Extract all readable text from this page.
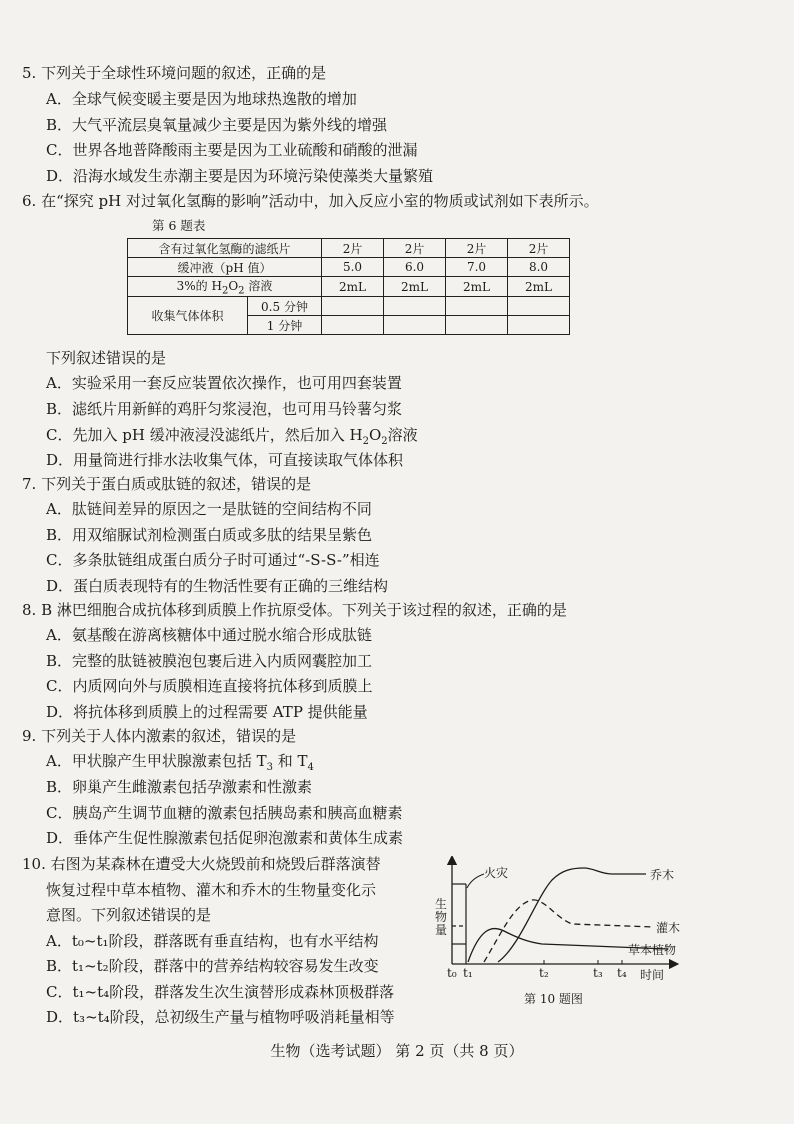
5. 下列关于全球性环境问题的叙述，正确的是
A．全球气候变暖主要是因为地球热逸散的增加
B．大气平流层臭氧量减少主要是因为紫外线的增强
C．世界各地普降酸雨主要是因为工业硫酸和硝酸的泄漏
D．沿海水域发生赤潮主要是因为环境污染使藻类大量繁殖
6. 在“探究 pH 对过氧化氢酶的影响”活动中，加入反应小室的物质或试剂如下表所示。
第 6 题表
含有过氧化氢酶的滤纸片		2片	2片	2片	2片
缓冲液（pH 值）		5.0	6.0	7.0	8.0
3%的 $H_2O_2$ 溶液		2mL	2mL	2mL	2mL
收集气体体积	0.5 分钟				
	1 分钟				
下列叙述错误的是
A．实验采用一套反应装置依次操作，也可用四套装置
B．滤纸片用新鲜的鸡肝匀浆浸泡，也可用马铃薯匀浆
C．先加入 pH 缓冲液浸没滤纸片，然后加入 $H_2O_2$溶液
D．用量筒进行排水法收集气体，可直接读取气体体积
7. 下列关于蛋白质或肽链的叙述，错误的是
A．肽链间差异的原因之一是肽链的空间结构不同
B．用双缩脲试剂检测蛋白质或多肽的结果呈紫色
C．多条肽链组成蛋白质分子时可通过“-S-S-”相连
D．蛋白质表现特有的生物活性要有正确的三维结构
8. B 淋巴细胞合成抗体移到质膜上作抗原受体。下列关于该过程的叙述，正确的是
A．氨基酸在游离核糖体中通过脱水缩合形成肽链
B．完整的肽链被膜泡包裹后进入内质网囊腔加工
C．内质网向外与质膜相连直接将抗体移到质膜上
D．将抗体移到质膜上的过程需要 ATP 提供能量
9. 下列关于人体内激素的叙述，错误的是
A．甲状腺产生甲状腺激素包括 $T_3$ 和 $T_4$
B．卵巢产生雌激素包括孕激素和性激素
C．胰岛产生调节血糖的激素包括胰岛素和胰高血糖素
D．垂体产生促性腺激素包括促卵泡激素和黄体生成素
10. 右图为某森林在遭受大火烧毁前和烧毁后群落演替
恢复过程中草本植物、灌木和乔木的生物量变化示
意图。下列叙述错误的是
A．t₀~t₁阶段，群落既有垂直结构，也有水平结构
B．t₁~t₂阶段，群落中的营养结构较容易发生改变
C．t₁~t₄阶段，群落发生次生演替形成森林顶极群落
D．t₃~t₄阶段，总初级生产量与植物呼吸消耗量相等
生物量
火灾	乔木
灌木
草本植物
t₀ t₁	t₂	t₃ t₄ 时间
第 10 题图
生物（选考试题） 第 2 页（共 8 页）
